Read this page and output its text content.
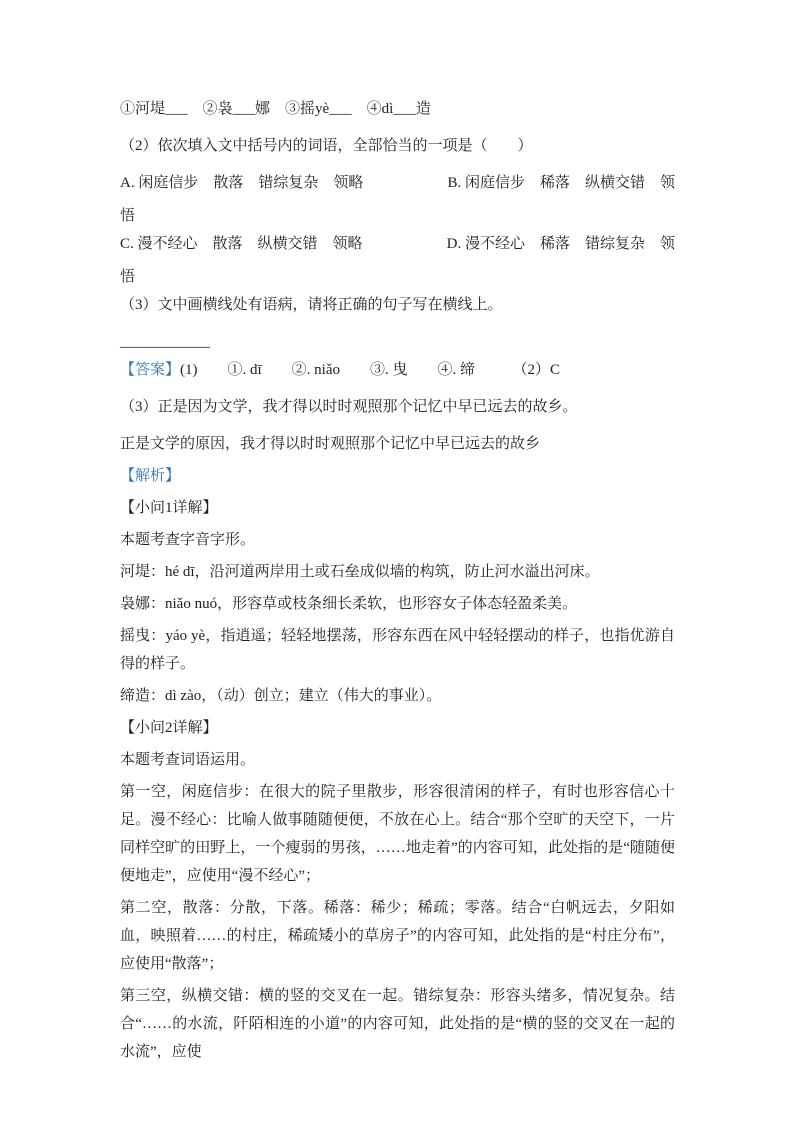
①河堤___　②袅___娜　③摇yè___　④dì___造

（2）依次填入文中括号内的词语，全部恰当的一项是（　　）

A. 闲庭信步　散落　错综复杂　领略	B. 闲庭信步　稀落　纵横交错　领

悟

C. 漫不经心　散落　纵横交错　领略	D. 漫不经心　稀落　错综复杂　领

悟

（3）文中画横线处有语病，请将正确的句子写在横线上。

____________

【答案】(1)　　①. dī　　②. niǎo　　③. 曳　　④. 缔　　　（2）C

（3）正是因为文学，我才得以时时观照那个记忆中早已远去的故乡。

正是文学的原因，我才得以时时观照那个记忆中早已远去的故乡

【解析】

【小问1详解】

本题考查字音字形。

河堤：hé dī，沿河道两岸用土或石垒成似墙的构筑，防止河水溢出河床。

袅娜：niǎo nuó，形容草或枝条细长柔软，也形容女子体态轻盈柔美。

摇曳：yáo yè，指逍遥；轻轻地摆荡，形容东西在风中轻轻摆动的样子，也指优游自得的样子。

缔造：dì zào，（动）创立；建立（伟大的事业）。

【小问2详解】

本题考查词语运用。

第一空，闲庭信步：在很大的院子里散步，形容很清闲的样子，有时也形容信心十足。漫不经心：比喻人做事随随便便，不放在心上。结合“那个空旷的天空下，一片同样空旷的田野上，一个瘦弱的男孩，……地走着”的内容可知，此处指的是“随随便便地走”，应使用“漫不经心”；

第二空，散落：分散，下落。稀落：稀少；稀疏；零落。结合“白帆远去，夕阳如血，映照着……的村庄，稀疏矮小的草房子”的内容可知，此处指的是“村庄分布”，应使用“散落”；

第三空，纵横交错：横的竖的交叉在一起。错综复杂：形容头绪多，情况复杂。结合“……的水流，阡陌相连的小道”的内容可知，此处指的是“横的竖的交叉在一起的水流”，应使
